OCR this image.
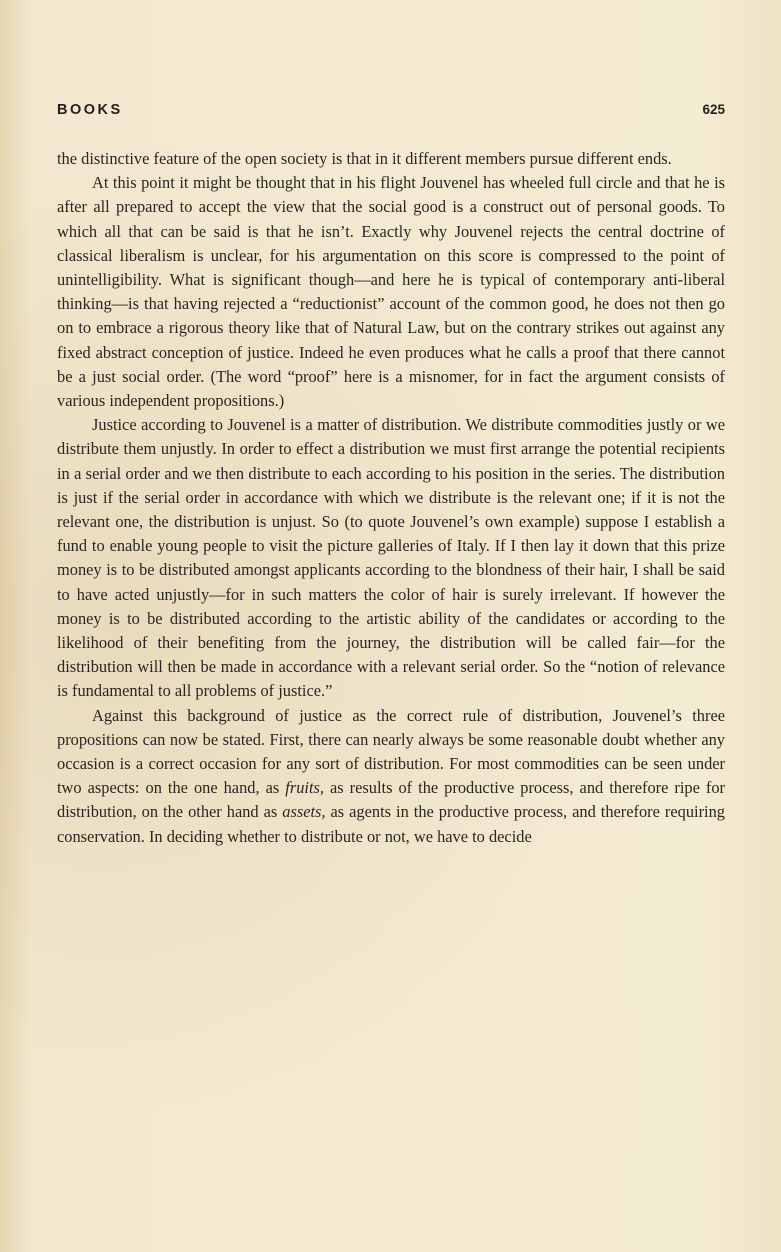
BOOKS	625

the distinctive feature of the open society is that in it different members pursue different ends.

At this point it might be thought that in his flight Jouvenel has wheeled full circle and that he is after all prepared to accept the view that the social good is a construct out of personal goods. To which all that can be said is that he isn’t. Exactly why Jouvenel rejects the central doctrine of classical liberalism is unclear, for his argumentation on this score is compressed to the point of unintelligibility. What is significant though—and here he is typical of contemporary anti-liberal thinking—is that having rejected a “reductionist” account of the common good, he does not then go on to embrace a rigorous theory like that of Natural Law, but on the contrary strikes out against any fixed abstract conception of justice. Indeed he even produces what he calls a proof that there cannot be a just social order. (The word “proof” here is a misnomer, for in fact the argument consists of various independent propositions.)

Justice according to Jouvenel is a matter of distribution. We distribute commodities justly or we distribute them unjustly. In order to effect a distribution we must first arrange the potential recipients in a serial order and we then distribute to each according to his position in the series. The distribution is just if the serial order in accordance with which we distribute is the relevant one; if it is not the relevant one, the distribution is unjust. So (to quote Jouvenel’s own example) suppose I establish a fund to enable young people to visit the picture galleries of Italy. If I then lay it down that this prize money is to be distributed amongst applicants according to the blondness of their hair, I shall be said to have acted unjustly—for in such matters the color of hair is surely irrelevant. If however the money is to be distributed according to the artistic ability of the candidates or according to the likelihood of their benefiting from the journey, the distribution will be called fair—for the distribution will then be made in accordance with a relevant serial order. So the “notion of relevance is fundamental to all problems of justice.”

Against this background of justice as the correct rule of distribution, Jouvenel’s three propositions can now be stated. First, there can nearly always be some reasonable doubt whether any occasion is a correct occasion for any sort of distribution. For most commodities can be seen under two aspects: on the one hand, as fruits, as results of the productive process, and therefore ripe for distribution, on the other hand as assets, as agents in the productive process, and therefore requiring conservation. In deciding whether to distribute or not, we have to decide
